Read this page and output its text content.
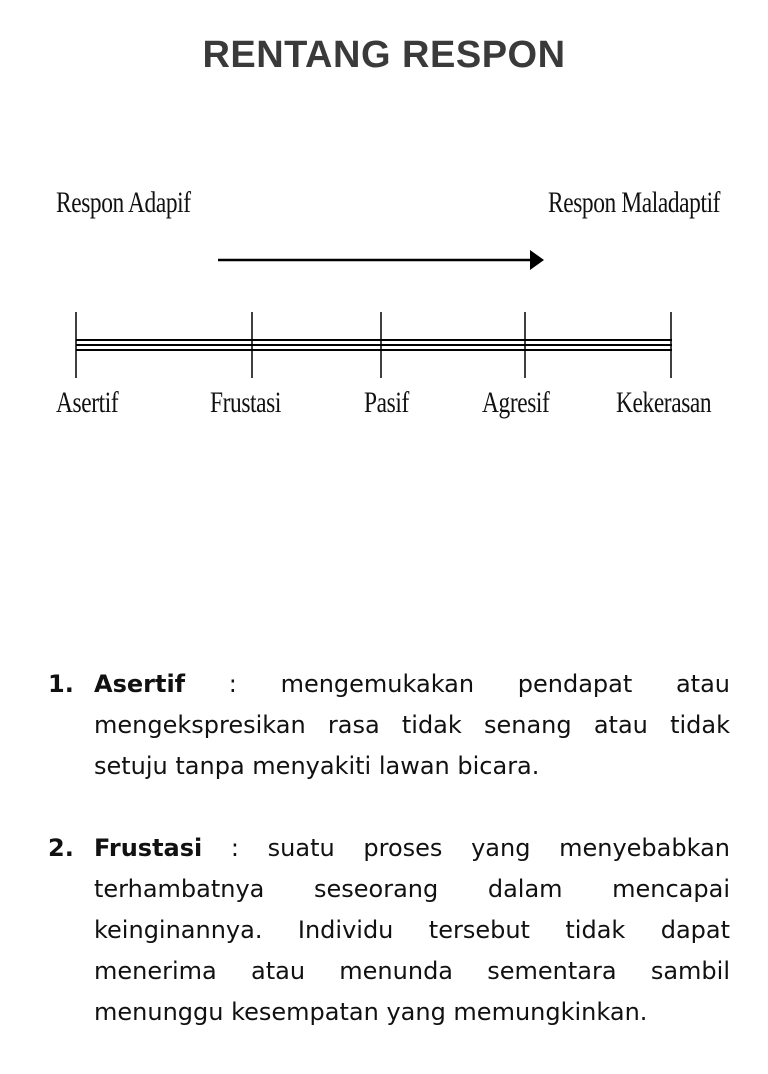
RENTANG RESPON
Respon Adapif	Respon Maladaptif
Asertif	Frustasi	Pasif Agresif Kekerasan
1. Asertif : mengemukakan pendapat atau mengekspresikan rasa tidak senang atau tidak setuju tanpa menyakiti lawan bicara.
2. Frustasi : suatu proses yang menyebabkan terhambatnya seseorang dalam mencapai keinginannya. Individu tersebut tidak dapat menerima atau menunda sementara sambil menunggu kesempatan yang memungkinkan.
